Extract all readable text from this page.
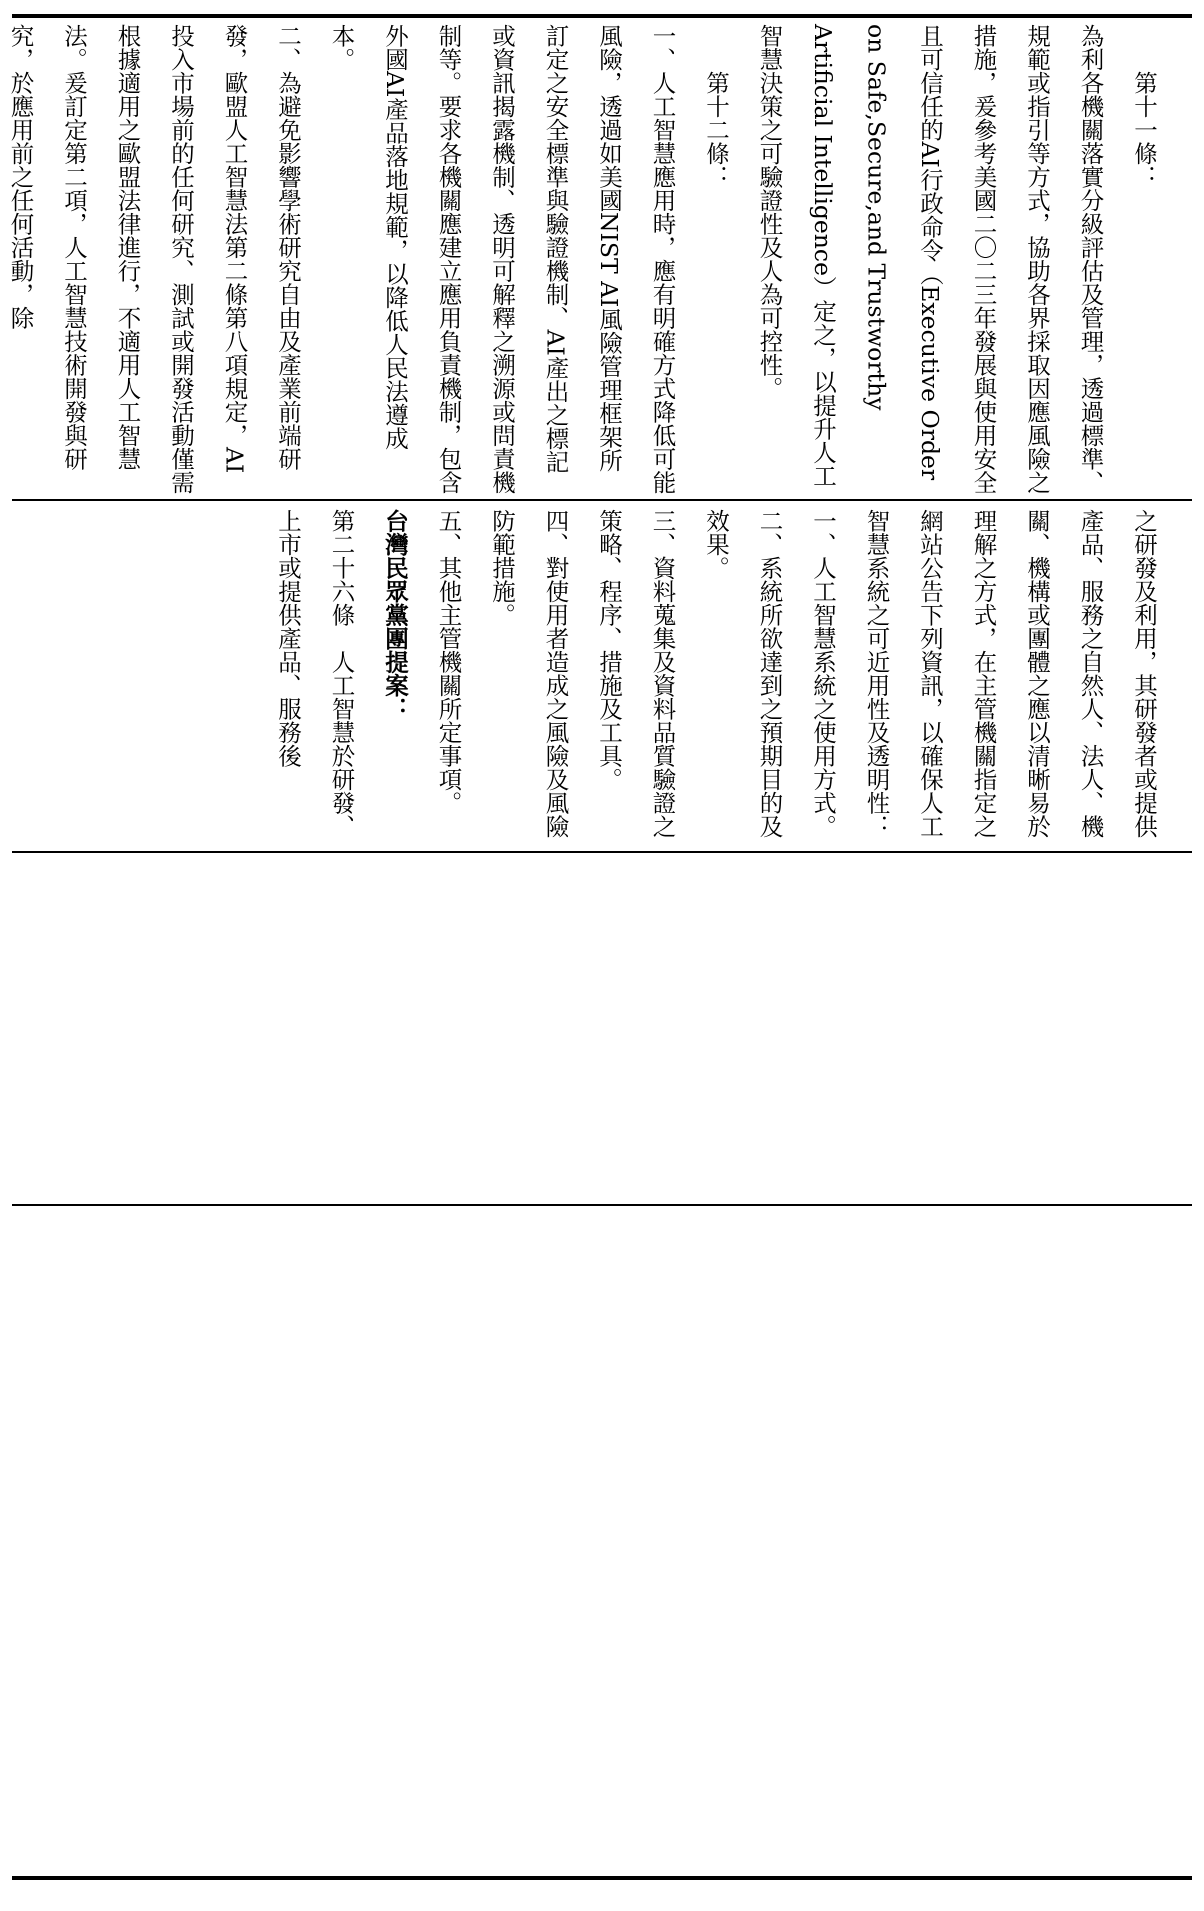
　　第十一條：

為利各機關落實分級評估及管理，透過標準、規範或指引等方式，協助各界採取因應風險之措施，爰參考美國二〇二三年發展與使用安全且可信任的AI行政命令（Executive Order on Safe,Secure,and Trustworthy Artificial Intelligence）定之，以提升人工智慧決策之可驗證性及人為可控性。

　　第十二條：

一、人工智慧應用時，應有明確方式降低可能風險，透過如美國NIST AI風險管理框架所訂定之安全標準與驗證機制、AI產出之標記或資訊揭露機制、透明可解釋之溯源或問責機制等。要求各機關應建立應用負責機制，包含外國AI產品落地規範，以降低人民法遵成本。

二、為避免影響學術研究自由及產業前端研發，歐盟人工智慧法第二條第八項規定，AI投入市場前的任何研究、測試或開發活動僅需根據適用之歐盟法律進行，不適用人工智慧法。爰訂定第二項，人工智慧技術開發與研究，於應用前之任何活動，除

之研發及利用，其研發者或提供產品、服務之自然人、法人、機關、機構或團體之應以清晰易於理解之方式，在主管機關指定之網站公告下列資訊，以確保人工智慧系統之可近用性及透明性：

一、人工智慧系統之使用方式。

二、系統所欲達到之預期目的及效果。

三、資料蒐集及資料品質驗證之策略、程序、措施及工具。

四、對使用者造成之風險及風險防範措施。

五、其他主管機關所定事項。

台灣民眾黨團提案：

第二十六條　人工智慧於研發、上市或提供產品、服務後
